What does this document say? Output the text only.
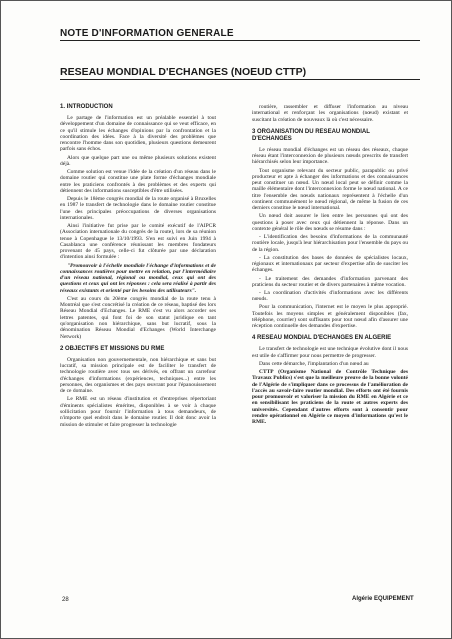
NOTE D'INFORMATION GENERALE
RESEAU MONDIAL D'ECHANGES (NOEUD CTTP)

1. INTRODUCTION

Le partage de l'information est un préalable essentiel à tout développement d'un domaine de connaissance qui se veut efficace, en ce qu'il stimule les échanges d'opinions par la confrontation et la coordination des idées. Face à la diversité des problèmes que rencontre l'homme dans son quotidien, plusieurs questions demeurent parfois sans échos.

Alors que quelque part une ou même plusieurs solutions existent déjà.

Comme solution est venue l'idée de la création d'un réseau dans le domaine routier qui constitue une plate forme d'échanges mondiale entre les praticiens confrontés à des problèmes et des experts qui détiennent des informations susceptibles d'être utilisées.

Depuis le 18ème congrès mondial de la route organisé à Bruxelles en 1987 le transfert de technologie dans le domaine routier constitue l'une des principales préoccupations de diverses organisations internationales.

Ainsi l'initiative fut prise par le comité exécutif de l'AIPCR (Association internationale du congrès de la route), lors de sa réunion tenue à Copenhague le 13/10/1993. S'en est suivi en Juin 1994 à Casablanca une conférence réunissant les membres fondateurs provenant de 45 pays, celle-ci fut clôturée par une déclaration d'intention ainsi formulée :

"Promouvoir à l'échelle mondiale l'échange d'informations et de connaissances routières pour mettre en relation, par l'intermédiaire d'un réseau national, régional ou mondial, ceux qui ont des questions et ceux qui ont les réponses : cela sera réalisé à partir des réseaux existants et orienté par les besoins des utilisateurs".

C'est au cours du 20ème congrès mondial de la route tenu à Montréal que s'est concrétisé la création de ce réseau, baptisé des lors Réseau Mondial d'Echanges. Le RME s'est vu alors accorder ses lettres patentes, qui font foi de son statut juridique en tant qu'organisation non hiérarchique, sans but lucratif, sous la dénomination Réseau Mondial d'Echanges (World Interchange Network)

2 OBJECTIFS ET MISSIONS DU RME

Organisation non gouvernementale, non hiérarchique et sans but lucratif, sa mission principale est de faciliter le transfert de technologie routière avec tous ses dérivés, en offrant un carrefour d'échanges d'informations (expériences, techniques...) entre les personnes, des organismes et des pays œuvrant pour l'épanouissement de ce domaine.

Le RME est un réseau d'institution et d'entreprises répertoriant d'éminents spécialistes émérites, disponibles à se voir à chaque sollicitation pour fournir l'information à tous demandeurs, de n'importe quel endroit dans le domaine routier. Il doit donc avoir la mission de stimuler et faire progresser la technologie

routière, rassembler et diffuser l'information au niveau international et renforçant les organisations (nœud) existant et suscitant la création de nouveaux là où c'est nécessaire.

3 ORGANISATION DU RESEAU MONDIAL D'ECHANGES

Le réseau mondial d'échanges est un réseau des réseaux, chaque réseau étant l'interconnexion de plusieurs nœuds prescrits de transfert hiérarchisés selon leur importance.

Tout organisme relevant du secteur public, parapublic ou privé producteur et apte à échanger des informations et des connaissances peut constituer un nœud. Un nœud local peut se définir comme la maille élémentaire dont l'interconnexion forme le nœud national. A ce titre l'ensemble des nœuds nationaux représentent à l'échelle d'un continent communément le nœud régional, de même la fusion de ces derniers constitue le nœud international.

Un nœud doit assurer le lien entre les personnes qui ont des questions à poser avec ceux qui détiennent la réponse. Dans un contexte général le rôle des nœuds se résume dans :

- L'identification des besoins d'informations de la communauté routière locale, jusqu'à leur hiérarchisation pour l'ensemble du pays ou de la région.

- La constitution des bases de données de spécialistes locaux, régionaux et internationaux par secteur d'expertise afin de susciter les échanges.

- Le traitement des demandes d'information parvenant des praticiens du secteur routier et de divers partenaires à même vocation.

- La coordination d'activités d'informations avec les différents nœuds.

Pour la communication, l'internet est le moyen le plus approprié. Toutefois les moyens simples et généralement disponibles (fax, téléphone, courrier) sont suffisants pour tout nœud afin d'assurer une réception continuelle des demandes d'expertise.

4 RESEAU MONDIAL D'ECHANGES EN ALGERIE

Le transfert de technologie est une technique évolutive dont il nous est utile de s'affirmer pour nous permettre de progresser.

Dans cette démarche, l'implantation d'un nœud au

CTTP (Organisme National de Contrôle Technique des Travaux Publics) s'est que la meilleure preuve de la bonne volonté de l'Algérie de s'impliquer dans ce processus de l'amélioration de l'accès au savoir-faire routier mondial. Des efforts ont été fournis pour promouvoir et valoriser la mission du RME en Algérie et ce en sensibilisant les praticiens de la route et autres experts des universités. Cependant d'autres efforts sont à consentir pour rendre opérationnel en Algérie ce moyen d'informations qu'est le RME.

28	Algérie EQUIPEMENT
